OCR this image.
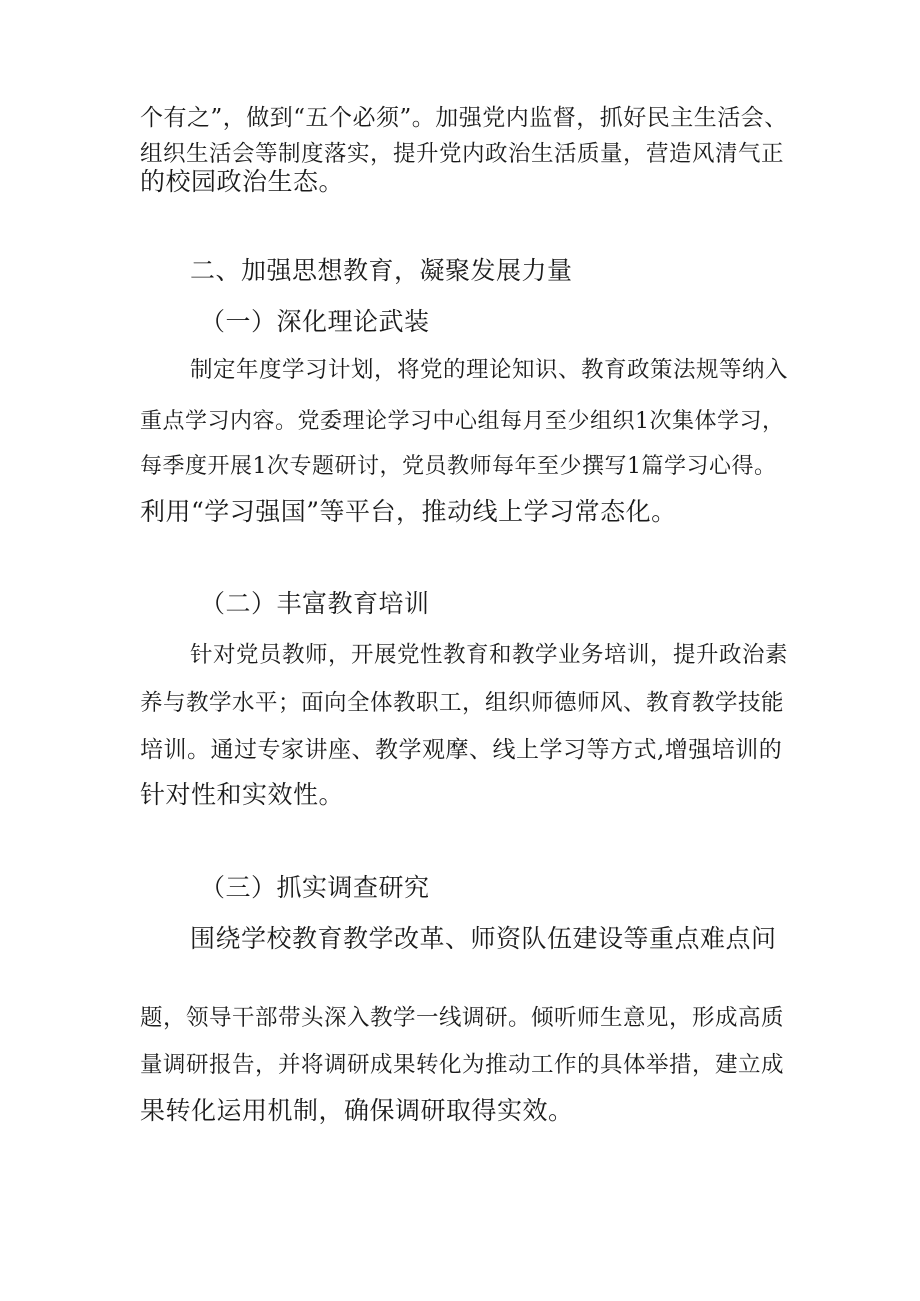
个有之”，做到“五个必须”。加强党内监督，抓好民主生活会、
组织生活会等制度落实，提升党内政治生活质量，营造风清气正
的校园政治生态。
二、加强思想教育，凝聚发展力量
（一）深化理论武装
制定年度学习计划，将党的理论知识、教育政策法规等纳入
重点学习内容。党委理论学习中心组每月至少组织1次集体学习，
每季度开展1次专题研讨，党员教师每年至少撰写1篇学习心得。
利用“学习强国”等平台，推动线上学习常态化。
（二）丰富教育培训
针对党员教师，开展党性教育和教学业务培训，提升政治素
养与教学水平；面向全体教职工，组织师德师风、教育教学技能
培训。通过专家讲座、教学观摩、线上学习等方式,增强培训的
针对性和实效性。
（三）抓实调查研究
围绕学校教育教学改革、师资队伍建设等重点难点问
题，领导干部带头深入教学一线调研。倾听师生意见，形成高质
量调研报告，并将调研成果转化为推动工作的具体举措，建立成
果转化运用机制，确保调研取得实效。
